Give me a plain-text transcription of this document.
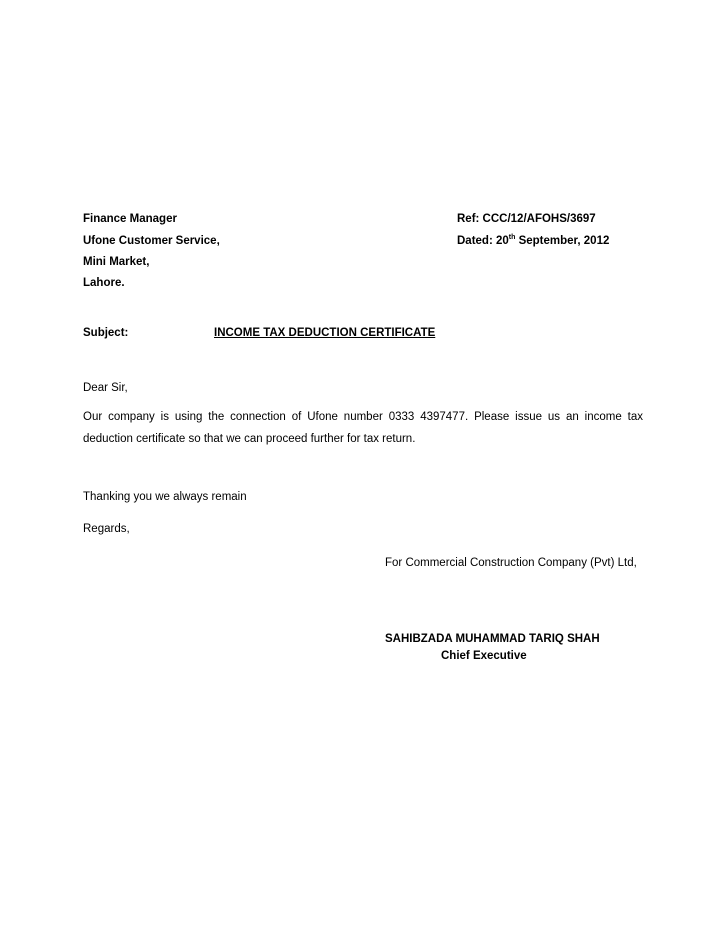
Finance Manager
Ufone Customer Service,
Mini Market,
Lahore.
Ref: CCC/12/AFOHS/3697
Dated: 20th September, 2012
Subject:	INCOME TAX DEDUCTION CERTIFICATE
Dear Sir,
Our company is using the connection of Ufone number 0333 4397477. Please issue us an income tax deduction certificate so that we can proceed further for tax return.
Thanking you we always remain
Regards,
For Commercial Construction Company (Pvt) Ltd,
SAHIBZADA MUHAMMAD TARIQ SHAH
Chief Executive
